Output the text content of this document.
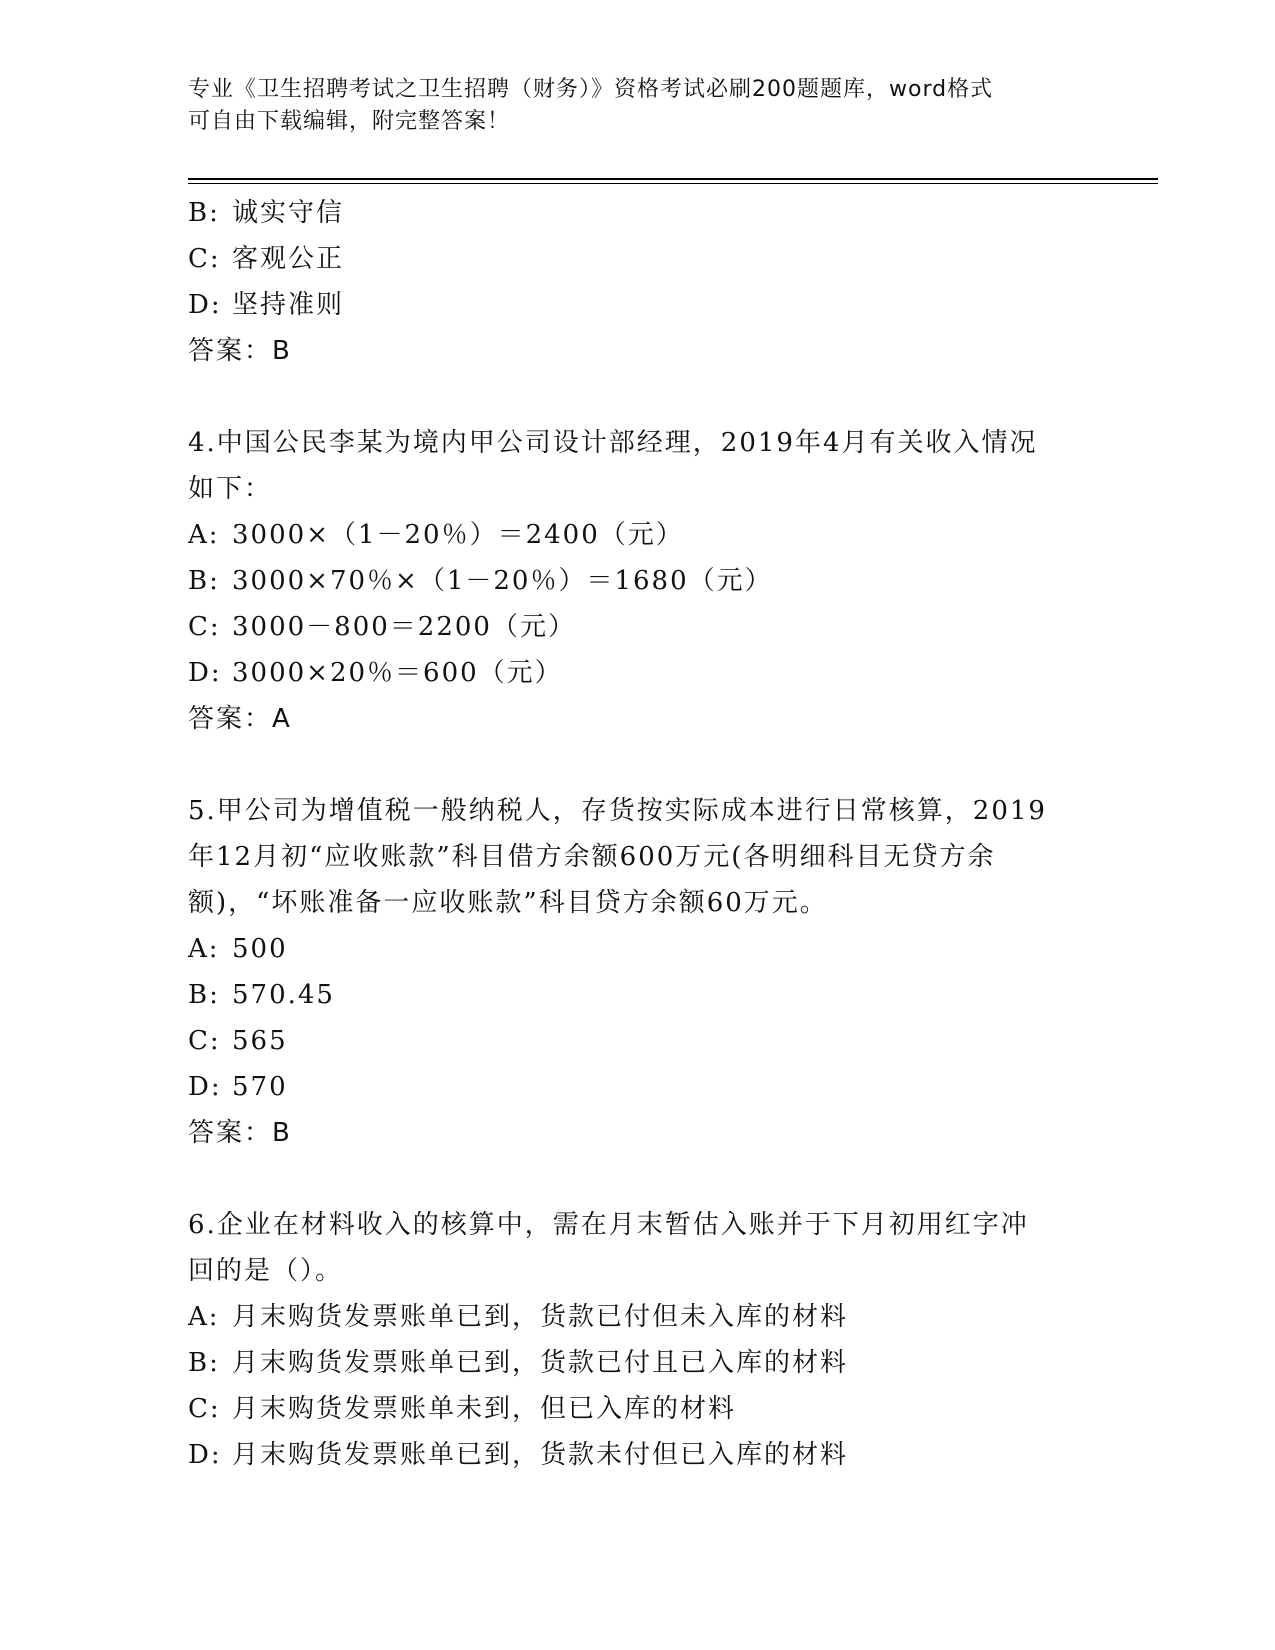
专业《卫生招聘考试之卫生招聘（财务）》资格考试必刷200题题库，word格式
可自由下载编辑，附完整答案！
B: 诚实守信
C: 客观公正
D: 坚持准则
答案：B
4.中国公民李某为境内甲公司设计部经理，2019年4月有关收入情况
如下：
A: 3000×（1－20％）＝2400（元）
B: 3000×70％×（1－20％）＝1680（元）
C: 3000－800＝2200（元）
D: 3000×20％＝600（元）
答案：A
5.甲公司为增值税一般纳税人，存货按实际成本进行日常核算，2019
年12月初“应收账款”科目借方余额600万元(各明细科目无贷方余
额)，“坏账准备一应收账款”科目贷方余额60万元。
A: 500
B: 570.45
C: 565
D: 570
答案：B
6.企业在材料收入的核算中，需在月末暂估入账并于下月初用红字冲
回的是（）。
A: 月末购货发票账单已到，货款已付但未入库的材料
B: 月末购货发票账单已到，货款已付且已入库的材料
C: 月末购货发票账单未到，但已入库的材料
D: 月末购货发票账单已到，货款未付但已入库的材料
